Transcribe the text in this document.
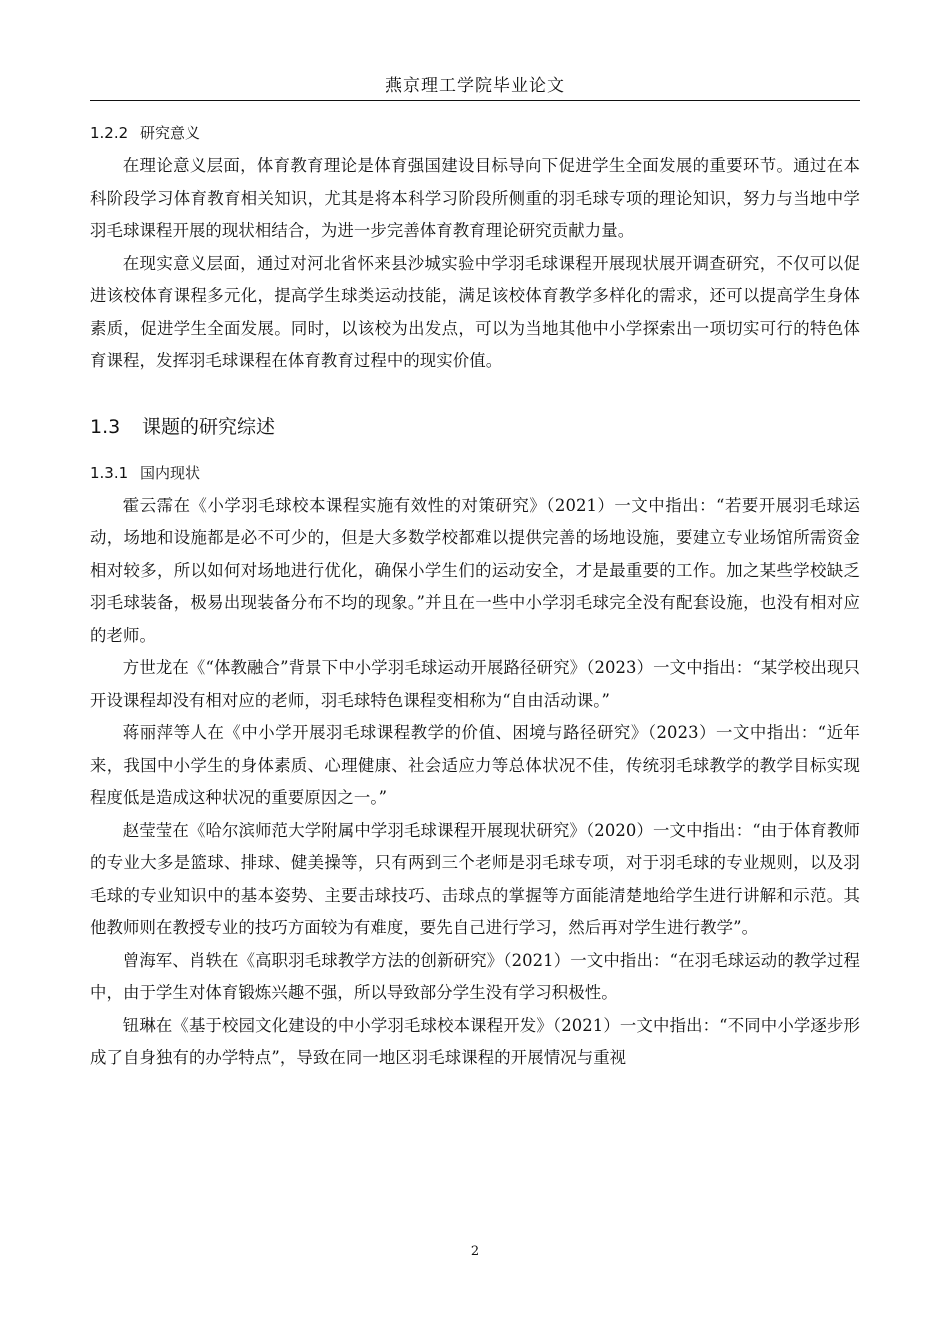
燕京理工学院毕业论文
1.2.2 研究意义

在理论意义层面，体育教育理论是体育强国建设目标导向下促进学生全面发展的重要环节。通过在本科阶段学习体育教育相关知识，尤其是将本科学习阶段所侧重的羽毛球专项的理论知识，努力与当地中学羽毛球课程开展的现状相结合，为进一步完善体育教育理论研究贡献力量。

在现实意义层面，通过对河北省怀来县沙城实验中学羽毛球课程开展现状展开调查研究，不仅可以促进该校体育课程多元化，提高学生球类运动技能，满足该校体育教学多样化的需求，还可以提高学生身体素质，促进学生全面发展。同时，以该校为出发点，可以为当地其他中小学探索出一项切实可行的特色体育课程，发挥羽毛球课程在体育教育过程中的现实价值。

1.3 课题的研究综述
1.3.1 国内现状

霍云霈在《小学羽毛球校本课程实施有效性的对策研究》（2021）一文中指出：“若要开展羽毛球运动，场地和设施都是必不可少的，但是大多数学校都难以提供完善的场地设施，要建立专业场馆所需资金相对较多，所以如何对场地进行优化，确保小学生们的运动安全，才是最重要的工作。加之某些学校缺乏羽毛球装备，极易出现装备分布不均的现象。”并且在一些中小学羽毛球完全没有配套设施，也没有相对应的老师。

方世龙在《“体教融合”背景下中小学羽毛球运动开展路径研究》（2023）一文中指出：“某学校出现只开设课程却没有相对应的老师，羽毛球特色课程变相称为“自由活动课。”

蒋丽萍等人在《中小学开展羽毛球课程教学的价值、困境与路径研究》（2023）一文中指出：“近年来，我国中小学生的身体素质、心理健康、社会适应力等总体状况不佳，传统羽毛球教学的教学目标实现程度低是造成这种状况的重要原因之一。”

赵莹莹在《哈尔滨师范大学附属中学羽毛球课程开展现状研究》（2020）一文中指出：“由于体育教师的专业大多是篮球、排球、健美操等，只有两到三个老师是羽毛球专项，对于羽毛球的专业规则，以及羽毛球的专业知识中的基本姿势、主要击球技巧、击球点的掌握等方面能清楚地给学生进行讲解和示范。其他教师则在教授专业的技巧方面较为有难度，要先自己进行学习，然后再对学生进行教学”。

曾海军、肖轶在《高职羽毛球教学方法的创新研究》（2021）一文中指出：“在羽毛球运动的教学过程中，由于学生对体育锻炼兴趣不强，所以导致部分学生没有学习积极性。

钮琳在《基于校园文化建设的中小学羽毛球校本课程开发》（2021）一文中指出：“不同中小学逐步形成了自身独有的办学特点”，导致在同一地区羽毛球课程的开展情况与重视

2
